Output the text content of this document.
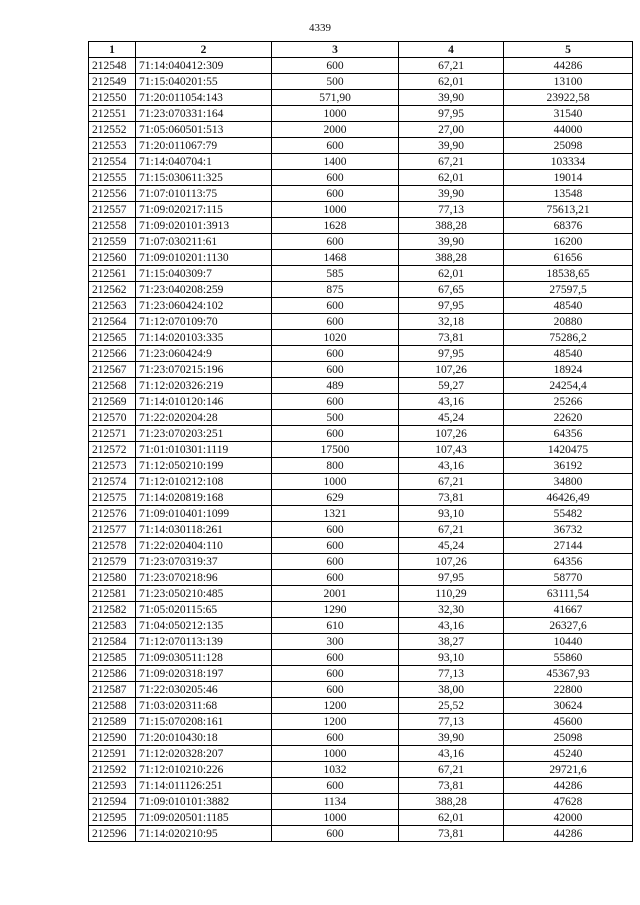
4339
1	2	3	4	5
212548	71:14:040412:309	600	67,21	44286
212549	71:15:040201:55	500	62,01	13100
212550	71:20:011054:143	571,90	39,90	23922,58
212551	71:23:070331:164	1000	97,95	31540
212552	71:05:060501:513	2000	27,00	44000
212553	71:20:011067:79	600	39,90	25098
212554	71:14:040704:1	1400	67,21	103334
212555	71:15:030611:325	600	62,01	19014
212556	71:07:010113:75	600	39,90	13548
212557	71:09:020217:115	1000	77,13	75613,21
212558	71:09:020101:3913	1628	388,28	68376
212559	71:07:030211:61	600	39,90	16200
212560	71:09:010201:1130	1468	388,28	61656
212561	71:15:040309:7	585	62,01	18538,65
212562	71:23:040208:259	875	67,65	27597,5
212563	71:23:060424:102	600	97,95	48540
212564	71:12:070109:70	600	32,18	20880
212565	71:14:020103:335	1020	73,81	75286,2
212566	71:23:060424:9	600	97,95	48540
212567	71:23:070215:196	600	107,26	18924
212568	71:12:020326:219	489	59,27	24254,4
212569	71:14:010120:146	600	43,16	25266
212570	71:22:020204:28	500	45,24	22620
212571	71:23:070203:251	600	107,26	64356
212572	71:01:010301:1119	17500	107,43	1420475
212573	71:12:050210:199	800	43,16	36192
212574	71:12:010212:108	1000	67,21	34800
212575	71:14:020819:168	629	73,81	46426,49
212576	71:09:010401:1099	1321	93,10	55482
212577	71:14:030118:261	600	67,21	36732
212578	71:22:020404:110	600	45,24	27144
212579	71:23:070319:37	600	107,26	64356
212580	71:23:070218:96	600	97,95	58770
212581	71:23:050210:485	2001	110,29	63111,54
212582	71:05:020115:65	1290	32,30	41667
212583	71:04:050212:135	610	43,16	26327,6
212584	71:12:070113:139	300	38,27	10440
212585	71:09:030511:128	600	93,10	55860
212586	71:09:020318:197	600	77,13	45367,93
212587	71:22:030205:46	600	38,00	22800
212588	71:03:020311:68	1200	25,52	30624
212589	71:15:070208:161	1200	77,13	45600
212590	71:20:010430:18	600	39,90	25098
212591	71:12:020328:207	1000	43,16	45240
212592	71:12:010210:226	1032	67,21	29721,6
212593	71:14:011126:251	600	73,81	44286
212594	71:09:010101:3882	1134	388,28	47628
212595	71:09:020501:1185	1000	62,01	42000
212596	71:14:020210:95	600	73,81	44286
